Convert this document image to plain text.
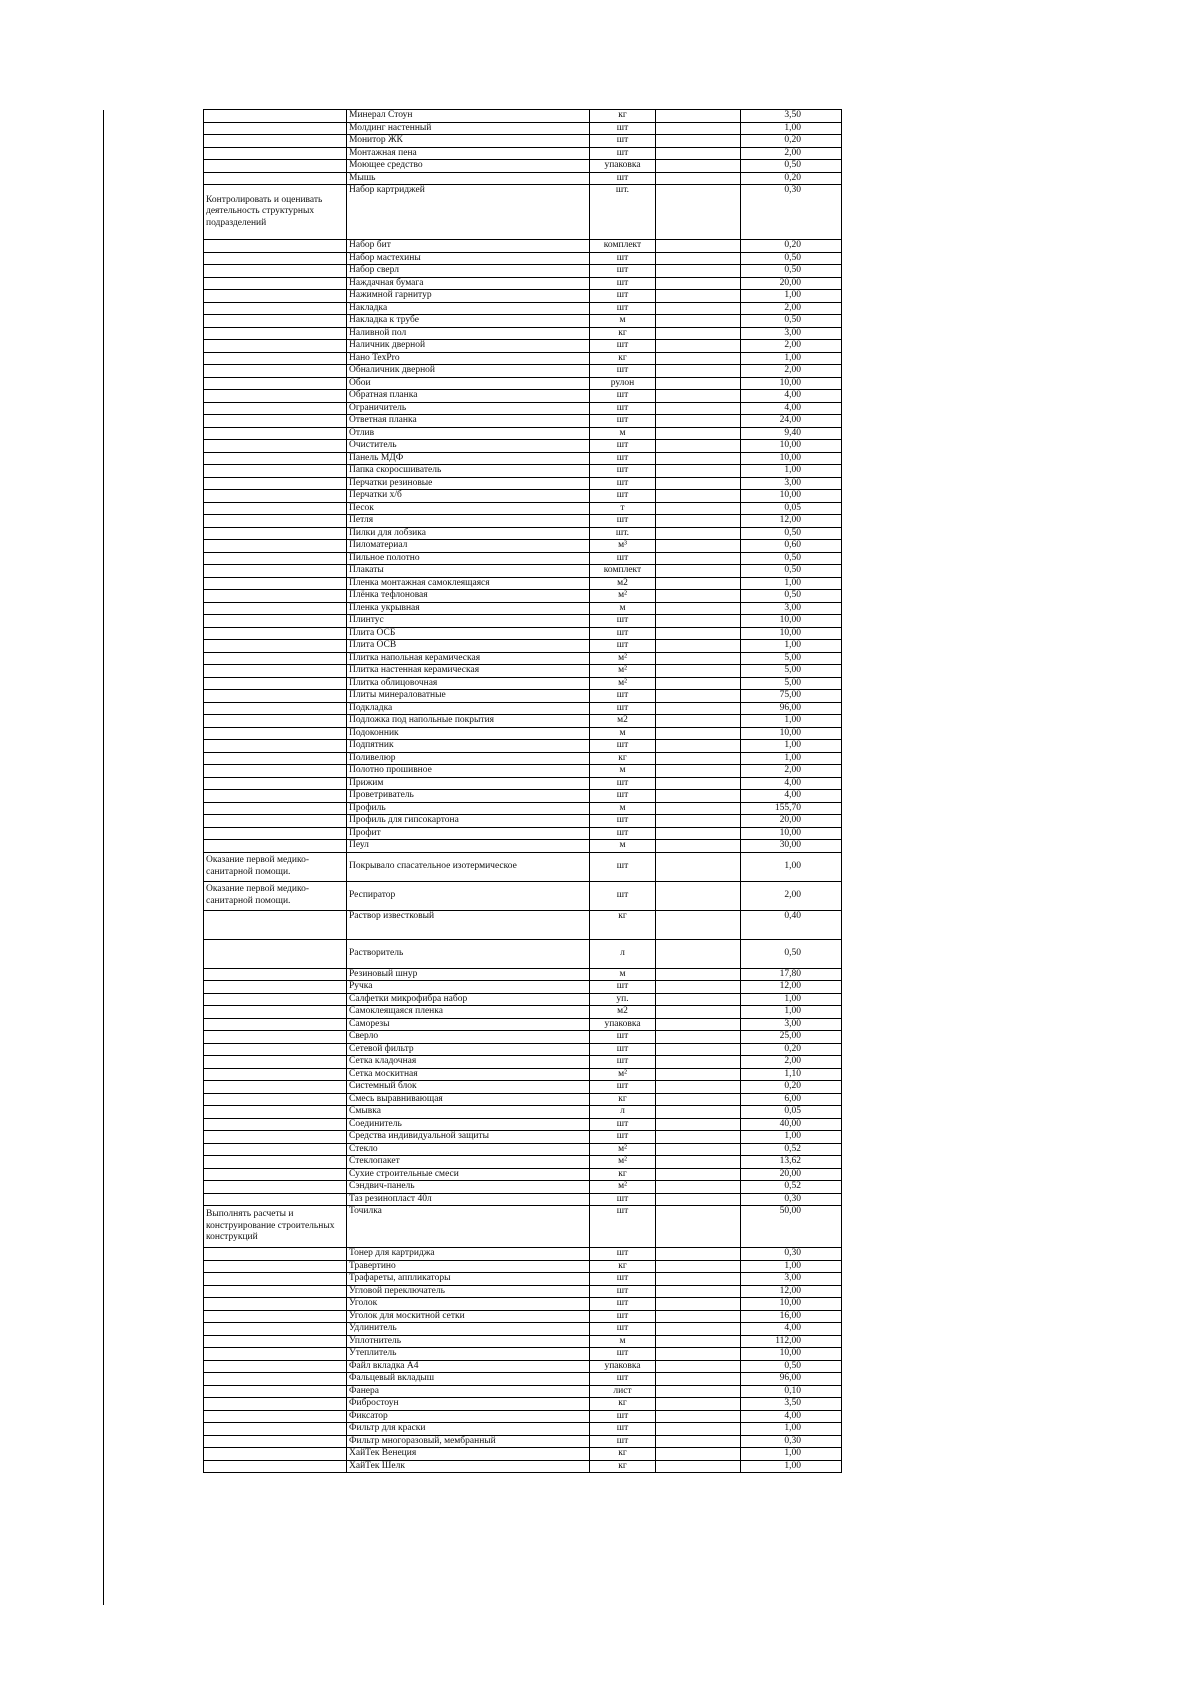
	Минерал Стоун	кг		3,50
	Молдинг настенный	шт		1,00
	Монитор ЖК	шт		0,20
	Монтажная пена	шт		2,00
	Моющее средство	упаковка		0,50
	Мышь	шт		0,20
Контролировать и оценивать деятельность структурных подразделений	Набор картриджей	шт.		0,30
	Набор бит	комплект		0,20
	Набор мастехины	шт		0,50
	Набор сверл	шт		0,50
	Наждачная бумага	шт		20,00
	Нажимной гарнитур	шт		1,00
	Накладка	шт		2,00
	Накладка к трубе	м		0,50
	Наливной пол	кг		3,00
	Наличник дверной	шт		2,00
	Нано TexPro	кг		1,00
	Обналичник дверной	шт		2,00
	Обои	рулон		10,00
	Обратная планка	шт		4,00
	Ограничитель	шт		4,00
	Ответная планка	шт		24,00
	Отлив	м		9,40
	Очиститель	шт		10,00
	Панель МДФ	шт		10,00
	Папка скоросшиватель	шт		1,00
	Перчатки резиновые	шт		3,00
	Перчатки х/б	шт		10,00
	Песок	т		0,05
	Петля	шт		12,00
	Пилки для лобзика	шт.		0,50
	Пиломатериал	м³		0,60
	Пильное полотно	шт		0,50
	Плакаты	комплект		0,50
	Пленка монтажная самоклеящаяся	м2		1,00
	Плёнка тефлоновая	м²		0,50
	Пленка укрывная	м		3,00
	Плинтус	шт		10,00
	Плита ОСБ	шт		10,00
	Плита ОСВ	шт		1,00
	Плитка напольная керамическая	м²		5,00
	Плитка настенная керамическая	м²		5,00
	Плитка облицовочная	м²		5,00
	Плиты минераловатные	шт		75,00
	Подкладка	шт		96,00
	Подложка под напольные покрытия	м2		1,00
	Подоконник	м		10,00
	Подпятник	шт		1,00
	Поливелюр	кг		1,00
	Полотно прошивное	м		2,00
	Прижим	шт		4,00
	Проветриватель	шт		4,00
	Профиль	м		155,70
	Профиль для гипсокартона	шт		20,00
	Профит	шт		10,00
	Пеул	м		30,00
Оказание первой медико-санитарной помощи.	Покрывало спасательное изотермическое	шт		1,00
Оказание первой медико-санитарной помощи.	Респиратор	шт		2,00
	Раствор известковый	кг		0,40
	Растворитель	л		0,50
	Резиновый шнур	м		17,80
	Ручка	шт		12,00
	Салфетки микрофибра набор	уп.		1,00
	Самоклеящаяся пленка	м2		1,00
	Саморезы	упаковка		3,00
	Сверло	шт		25,00
	Сетевой фильтр	шт		0,20
	Сетка кладочная	шт		2,00
	Сетка москитная	м²		1,10
	Системный блок	шт		0,20
	Смесь выравнивающая	кг		6,00
	Смывка	л		0,05
	Соединитель	шт		40,00
	Средства индивидуальной защиты	шт		1,00
	Стекло	м²		0,52
	Стеклопакет	м²		13,62
	Сухие строительные смеси	кг		20,00
	Сэндвич-панель	м²		0,52
	Таз резинопласт 40л	шт		0,30
Выполнять расчеты и конструирование строительных конструкций	Точилка	шт		50,00
	Тонер для картриджа	шт		0,30
	Травертино	кг		1,00
	Трафареты, аппликаторы	шт		3,00
	Угловой переключатель	шт		12,00
	Уголок	шт		10,00
	Уголок для москитной сетки	шт		16,00
	Удлинитель	шт		4,00
	Уплотнитель	м		112,00
	Утеплитель	шт		10,00
	Файл вкладка А4	упаковка		0,50
	Фальцевый вкладыш	шт		96,00
	Фанера	лист		0,10
	Фибростоун	кг		3,50
	Фиксатор	шт		4,00
	Фильтр для краски	шт		1,00
	Фильтр многоразовый, мембранный	шт		0,30
	ХайТек Венеция	кг		1,00
	ХайТек Шелк	кг		1,00
